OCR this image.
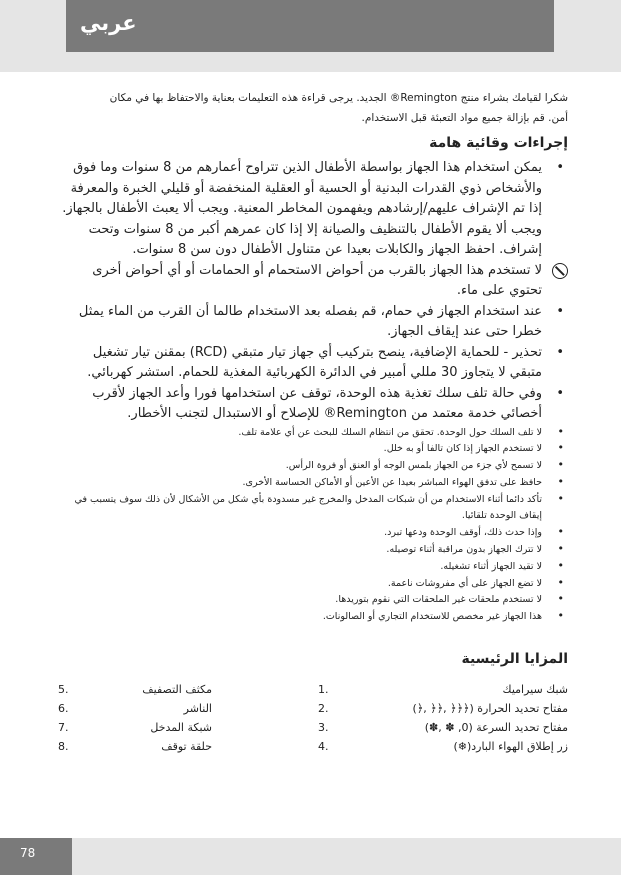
عربي

شكرا لقيامك بشراء منتج Remington® الجديد. يرجى قراءة هذه التعليمات بعناية والاحتفاظ بها في مكان
أمن. قم بإزالة جميع مواد التعبئة قبل الاستخدام.

إجراءات وقائية هامة
•
يمكن استخدام هذا الجهاز بواسطة الأطفال الذين تتراوح أعمارهم من 8 سنوات وما فوق والأشخاص ذوي القدرات البدنية أو الحسية أو العقلية المنخفضة أو قليلي الخبرة والمعرفة إذا تم الإشراف عليهم/إرشادهم ويفهمون المخاطر المعنية. ويجب ألا يعبث الأطفال بالجهاز. ويجب ألا يقوم الأطفال بالتنظيف والصيانة إلا إذا كان عمرهم أكبر من 8 سنوات وتحت إشراف. احفظ الجهاز والكابلات بعيدا عن متناول الأطفال دون سن 8 سنوات.
لا تستخدم هذا الجهاز بالقرب من أحواض الاستحمام أو الحمامات أو أي أحواض أخرى تحتوي على ماء.
•
عند استخدام الجهاز في حمام، قم بفصله بعد الاستخدام طالما أن القرب من الماء يمثل خطرا حتى عند إيقاف الجهاز.
•
تحذير - للحماية الإضافية، ينصح بتركيب أي جهاز تيار متبقي (RCD) بمقنن تيار تشغيل متبقي لا يتجاوز 30 مللي أمبير في الدائرة الكهربائية المغذية للحمام. استشر كهربائي.
•
وفي حالة تلف سلك تغذية هذه الوحدة، توقف عن استخدامها فورا وأعد الجهاز لأقرب أخصائي خدمة معتمد من Remington® للإصلاح أو الاستبدال لتجنب الأخطار.
•
لا تلف السلك حول الوحدة. تحقق من انتظام السلك للبحث عن أي علامة تلف.
•
لا تستخدم الجهاز إذا كان تالفا أو به خلل.
•
لا تسمح لأي جزء من الجهاز بلمس الوجه أو العنق أو فروة الرأس.
•
حافظ على تدفق الهواء المباشر بعيدا عن الأعين أو الأماكن الحساسة الأخرى.
•
تأكد دائما أثناء الاستخدام من أن شبكات المدخل والمخرج غير مسدودة بأي شكل من الأشكال لأن ذلك سوف يتسبب في إيقاف الوحدة تلقائيا.
•
وإذا حدث ذلك، أوقف الوحدة ودعها تبرد.
•
لا تترك الجهاز بدون مراقبة أثناء توصيله.
•
لا تقيد الجهاز أثناء تشغيله.
•
لا تضع الجهاز على أي مفروشات ناعمة.
•
لا تستخدم ملحقات غير الملحقات التي نقوم بتوريدها.
•
هذا الجهاز غير مخصص للاستخدام التجاري أو الصالونات.
المزايا الرئيسية
شبك سيراميك
1.
مفتاح تحديد الحرارة (﴿﴿﴿ ,﴿﴿ ,﴿)
2.
مفتاح تحديد السرعة (0, ✽ ,✽)
3.
زر إطلاق الهواء البارد(❄)
4.
مكثف التصفيف
5.
الناشر
6.
شبكة المدخل
7.
حلقة توقف
8.
78
